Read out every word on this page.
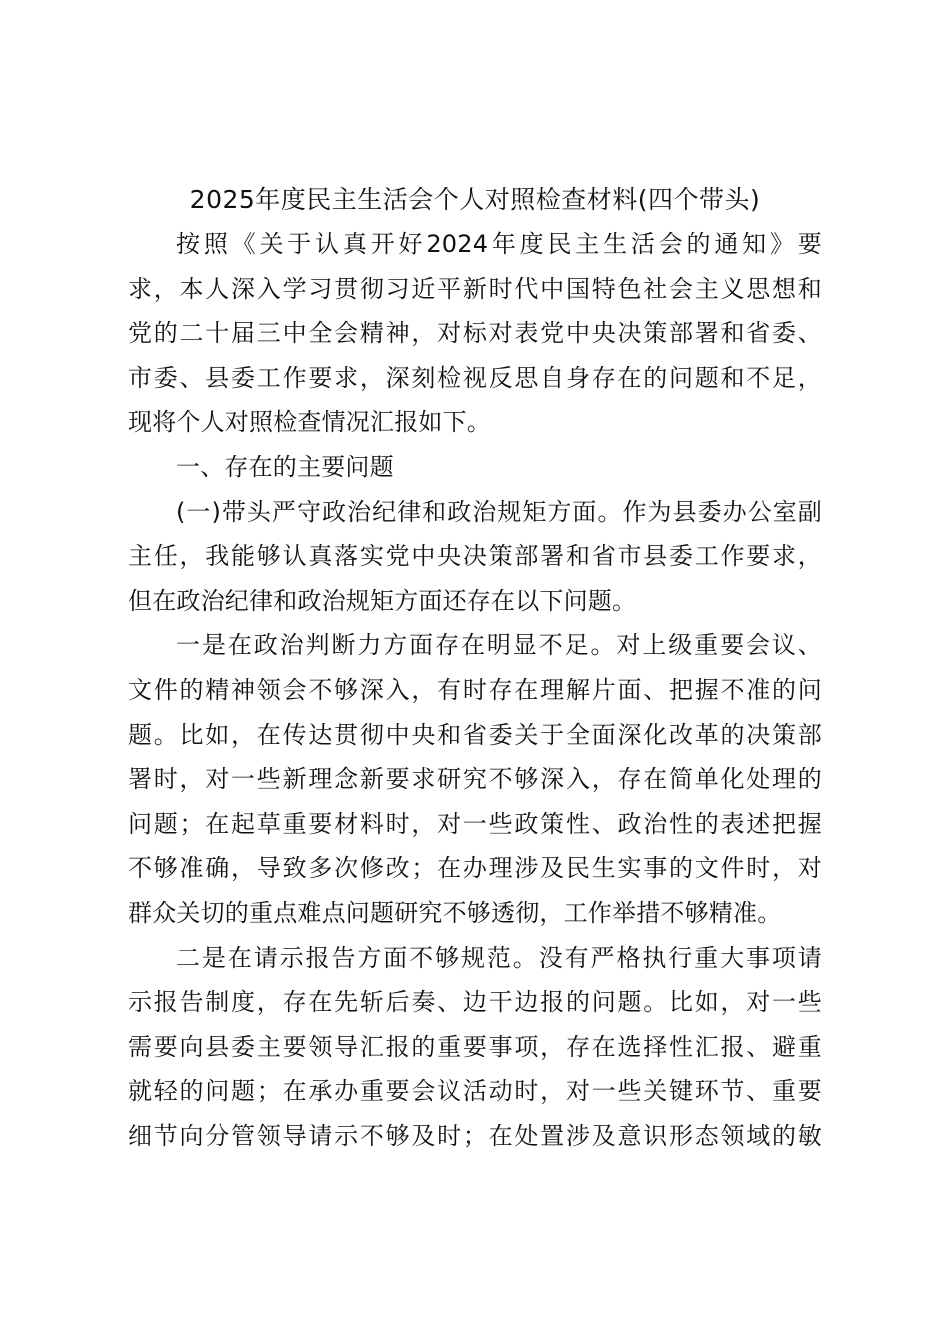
2025年度民主生活会个人对照检查材料(四个带头)
按照《关于认真开好2024年度民主生活会的通知》要
求，本人深入学习贯彻习近平新时代中国特色社会主义思想和
党的二十届三中全会精神，对标对表党中央决策部署和省委、
市委、县委工作要求，深刻检视反思自身存在的问题和不足，
现将个人对照检查情况汇报如下。
一、存在的主要问题
(一)带头严守政治纪律和政治规矩方面。作为县委办公室副
主任，我能够认真落实党中央决策部署和省市县委工作要求，
但在政治纪律和政治规矩方面还存在以下问题。
一是在政治判断力方面存在明显不足。对上级重要会议、
文件的精神领会不够深入，有时存在理解片面、把握不准的问
题。比如，在传达贯彻中央和省委关于全面深化改革的决策部
署时，对一些新理念新要求研究不够深入，存在简单化处理的
问题；在起草重要材料时，对一些政策性、政治性的表述把握
不够准确，导致多次修改；在办理涉及民生实事的文件时，对
群众关切的重点难点问题研究不够透彻，工作举措不够精准。
二是在请示报告方面不够规范。没有严格执行重大事项请
示报告制度，存在先斩后奏、边干边报的问题。比如，对一些
需要向县委主要领导汇报的重要事项，存在选择性汇报、避重
就轻的问题；在承办重要会议活动时，对一些关键环节、重要
细节向分管领导请示不够及时；在处置涉及意识形态领域的敏
